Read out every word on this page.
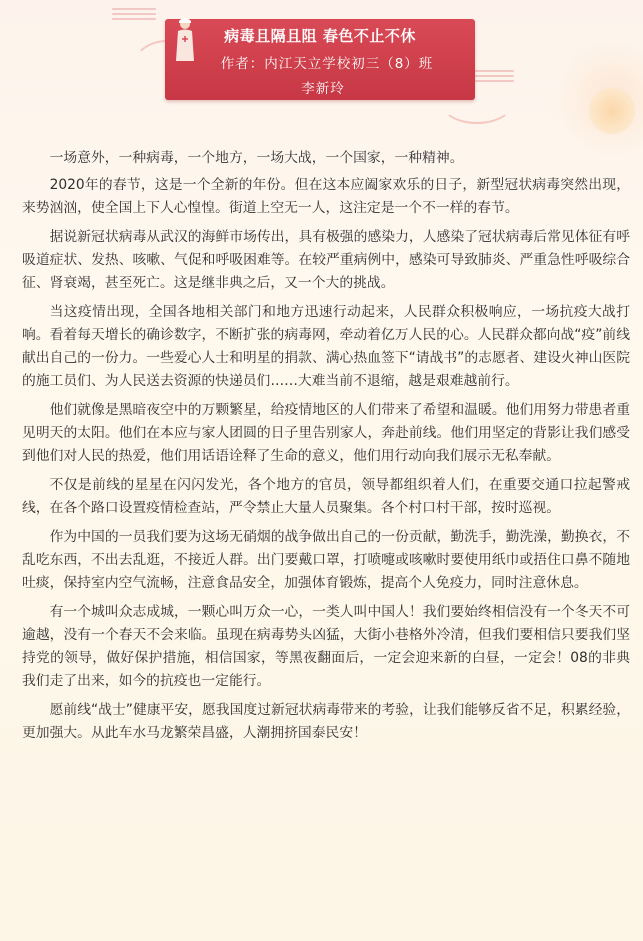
病毒且隔且阻 春色不止不休
作者：内江天立学校初三（8）班
李新玲

一场意外，一种病毒，一个地方，一场大战，一个国家，一种精神。

2020年的春节，这是一个全新的年份。但在这本应阖家欢乐的日子，新型冠状病毒突然出现，来势汹汹，使全国上下人心惶惶。街道上空无一人，这注定是一个不一样的春节。

据说新冠状病毒从武汉的海鲜市场传出，具有极强的感染力，人感染了冠状病毒后常见体征有呼吸道症状、发热、咳嗽、气促和呼吸困难等。在较严重病例中，感染可导致肺炎、严重急性呼吸综合征、肾衰竭，甚至死亡。这是继非典之后，又一个大的挑战。

当这疫情出现，全国各地相关部门和地方迅速行动起来，人民群众积极响应，一场抗疫大战打响。看着每天增长的确诊数字，不断扩张的病毒网，牵动着亿万人民的心。人民群众都向战“疫”前线献出自己的一份力。一些爱心人士和明星的捐款、满心热血签下“请战书”的志愿者、建设火神山医院的施工员们、为人民送去资源的快递员们……大难当前不退缩，越是艰难越前行。

他们就像是黑暗夜空中的万颗繁星，给疫情地区的人们带来了希望和温暖。他们用努力带患者重见明天的太阳。他们在本应与家人团圆的日子里告别家人，奔赴前线。他们用坚定的背影让我们感受到他们对人民的热爱，他们用话语诠释了生命的意义，他们用行动向我们展示无私奉献。

不仅是前线的星星在闪闪发光，各个地方的官员，领导都组织着人们，在重要交通口拉起警戒线，在各个路口设置疫情检查站，严令禁止大量人员聚集。各个村口村干部，按时巡视。

作为中国的一员我们要为这场无硝烟的战争做出自己的一份贡献，勤洗手，勤洗澡，勤换衣，不乱吃东西，不出去乱逛，不接近人群。出门要戴口罩，打喷嚏或咳嗽时要使用纸巾或捂住口鼻不随地吐痰，保持室内空气流畅，注意食品安全，加强体育锻炼，提高个人免疫力，同时注意休息。

有一个城叫众志成城，一颗心叫万众一心，一类人叫中国人！我们要始终相信没有一个冬天不可逾越，没有一个春天不会来临。虽现在病毒势头凶猛，大街小巷格外冷清，但我们要相信只要我们坚持党的领导，做好保护措施，相信国家，等黑夜翻面后，一定会迎来新的白昼，一定会！08的非典我们走了出来，如今的抗疫也一定能行。

愿前线“战士”健康平安，愿我国度过新冠状病毒带来的考验，让我们能够反省不足，积累经验，更加强大。从此车水马龙繁荣昌盛，人潮拥挤国泰民安！
